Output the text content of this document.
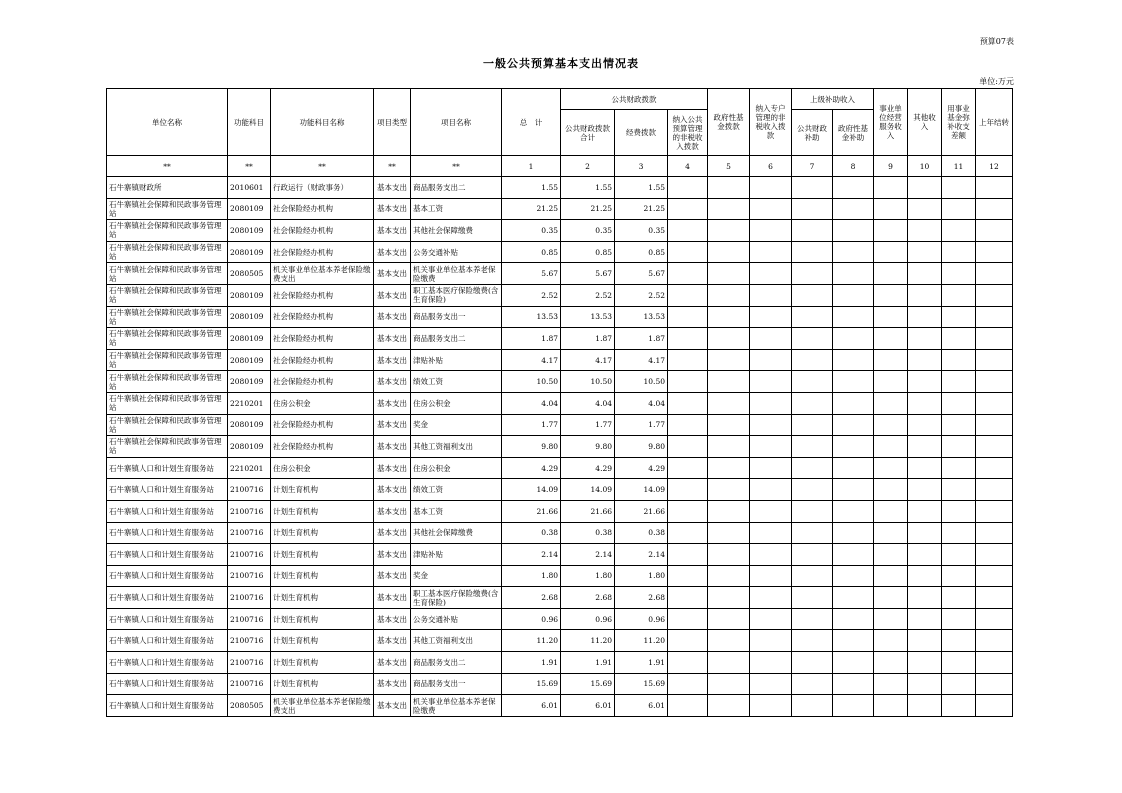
预算07表
一般公共预算基本支出情况表
单位:万元
单位名称	功能科目	功能科目名称	项目类型	项目名称	总　计	公共财政拨款			政府性基金拨款	纳入专户管理的非税收入拨款	上级补助收入		事业单位经营服务收入	其他收入	用事业基金弥补收支差额	上年结转
						公共财政拨款合计	经费拨款	纳入公共预算管理的非税收入拨款			公共财政补助	政府性基金补助				
**	**	**	**	**	1	2	3	4	5	6	7	8	9	10	11	12
石牛寨镇财政所	2010601	行政运行（财政事务）	基本支出	商品服务支出二	1.55	1.55	1.55									
石牛寨镇社会保障和民政事务管理站	2080109	社会保险经办机构	基本支出	基本工资	21.25	21.25	21.25									
石牛寨镇社会保障和民政事务管理站	2080109	社会保险经办机构	基本支出	其他社会保障缴费	0.35	0.35	0.35									
石牛寨镇社会保障和民政事务管理站	2080109	社会保险经办机构	基本支出	公务交通补贴	0.85	0.85	0.85									
石牛寨镇社会保障和民政事务管理站	2080505	机关事业单位基本养老保险缴费支出	基本支出	机关事业单位基本养老保险缴费	5.67	5.67	5.67									
石牛寨镇社会保障和民政事务管理站	2080109	社会保险经办机构	基本支出	职工基本医疗保险缴费(含生育保险)	2.52	2.52	2.52									
石牛寨镇社会保障和民政事务管理站	2080109	社会保险经办机构	基本支出	商品服务支出一	13.53	13.53	13.53									
石牛寨镇社会保障和民政事务管理站	2080109	社会保险经办机构	基本支出	商品服务支出二	1.87	1.87	1.87									
石牛寨镇社会保障和民政事务管理站	2080109	社会保险经办机构	基本支出	津贴补贴	4.17	4.17	4.17									
石牛寨镇社会保障和民政事务管理站	2080109	社会保险经办机构	基本支出	绩效工资	10.50	10.50	10.50									
石牛寨镇社会保障和民政事务管理站	2210201	住房公积金	基本支出	住房公积金	4.04	4.04	4.04									
石牛寨镇社会保障和民政事务管理站	2080109	社会保险经办机构	基本支出	奖金	1.77	1.77	1.77									
石牛寨镇社会保障和民政事务管理站	2080109	社会保险经办机构	基本支出	其他工资福利支出	9.80	9.80	9.80									
石牛寨镇人口和计划生育服务站	2210201	住房公积金	基本支出	住房公积金	4.29	4.29	4.29									
石牛寨镇人口和计划生育服务站	2100716	计划生育机构	基本支出	绩效工资	14.09	14.09	14.09									
石牛寨镇人口和计划生育服务站	2100716	计划生育机构	基本支出	基本工资	21.66	21.66	21.66									
石牛寨镇人口和计划生育服务站	2100716	计划生育机构	基本支出	其他社会保障缴费	0.38	0.38	0.38									
石牛寨镇人口和计划生育服务站	2100716	计划生育机构	基本支出	津贴补贴	2.14	2.14	2.14									
石牛寨镇人口和计划生育服务站	2100716	计划生育机构	基本支出	奖金	1.80	1.80	1.80									
石牛寨镇人口和计划生育服务站	2100716	计划生育机构	基本支出	职工基本医疗保险缴费(含生育保险)	2.68	2.68	2.68									
石牛寨镇人口和计划生育服务站	2100716	计划生育机构	基本支出	公务交通补贴	0.96	0.96	0.96									
石牛寨镇人口和计划生育服务站	2100716	计划生育机构	基本支出	其他工资福利支出	11.20	11.20	11.20									
石牛寨镇人口和计划生育服务站	2100716	计划生育机构	基本支出	商品服务支出二	1.91	1.91	1.91									
石牛寨镇人口和计划生育服务站	2100716	计划生育机构	基本支出	商品服务支出一	15.69	15.69	15.69									
石牛寨镇人口和计划生育服务站	2080505	机关事业单位基本养老保险缴费支出	基本支出	机关事业单位基本养老保险缴费	6.01	6.01	6.01									
